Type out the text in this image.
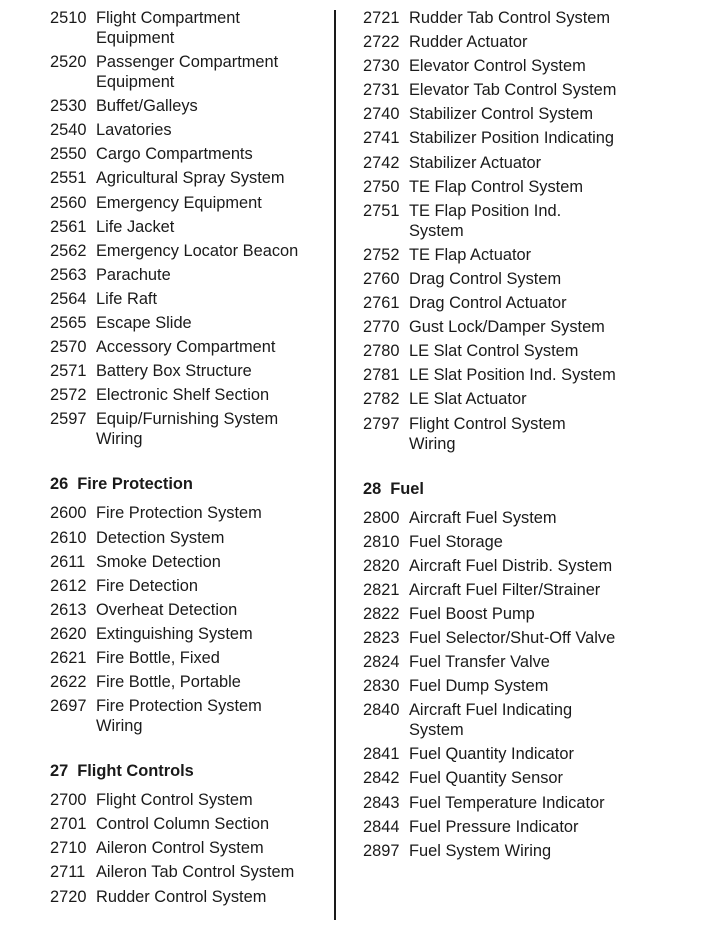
2510 Flight Compartment Equipment
2520 Passenger Compartment Equipment
2530 Buffet/Galleys
2540 Lavatories
2550 Cargo Compartments
2551 Agricultural Spray System
2560 Emergency Equipment
2561 Life Jacket
2562 Emergency Locator Beacon
2563 Parachute
2564 Life Raft
2565 Escape Slide
2570 Accessory Compartment
2571 Battery Box Structure
2572 Electronic Shelf Section
2597 Equip/Furnishing System Wiring
26 Fire Protection
2600 Fire Protection System
2610 Detection System
2611 Smoke Detection
2612 Fire Detection
2613 Overheat Detection
2620 Extinguishing System
2621 Fire Bottle, Fixed
2622 Fire Bottle, Portable
2697 Fire Protection System Wiring
27 Flight Controls
2700 Flight Control System
2701 Control Column Section
2710 Aileron Control System
2711 Aileron Tab Control System
2720 Rudder Control System
2721 Rudder Tab Control System
2722 Rudder Actuator
2730 Elevator Control System
2731 Elevator Tab Control System
2740 Stabilizer Control System
2741 Stabilizer Position Indicating
2742 Stabilizer Actuator
2750 TE Flap Control System
2751 TE Flap Position Ind. System
2752 TE Flap Actuator
2760 Drag Control System
2761 Drag Control Actuator
2770 Gust Lock/Damper System
2780 LE Slat Control System
2781 LE Slat Position Ind. System
2782 LE Slat Actuator
2797 Flight Control System Wiring
28 Fuel
2800 Aircraft Fuel System
2810 Fuel Storage
2820 Aircraft Fuel Distrib. System
2821 Aircraft Fuel Filter/Strainer
2822 Fuel Boost Pump
2823 Fuel Selector/Shut-Off Valve
2824 Fuel Transfer Valve
2830 Fuel Dump System
2840 Aircraft Fuel Indicating System
2841 Fuel Quantity Indicator
2842 Fuel Quantity Sensor
2843 Fuel Temperature Indicator
2844 Fuel Pressure Indicator
2897 Fuel System Wiring
